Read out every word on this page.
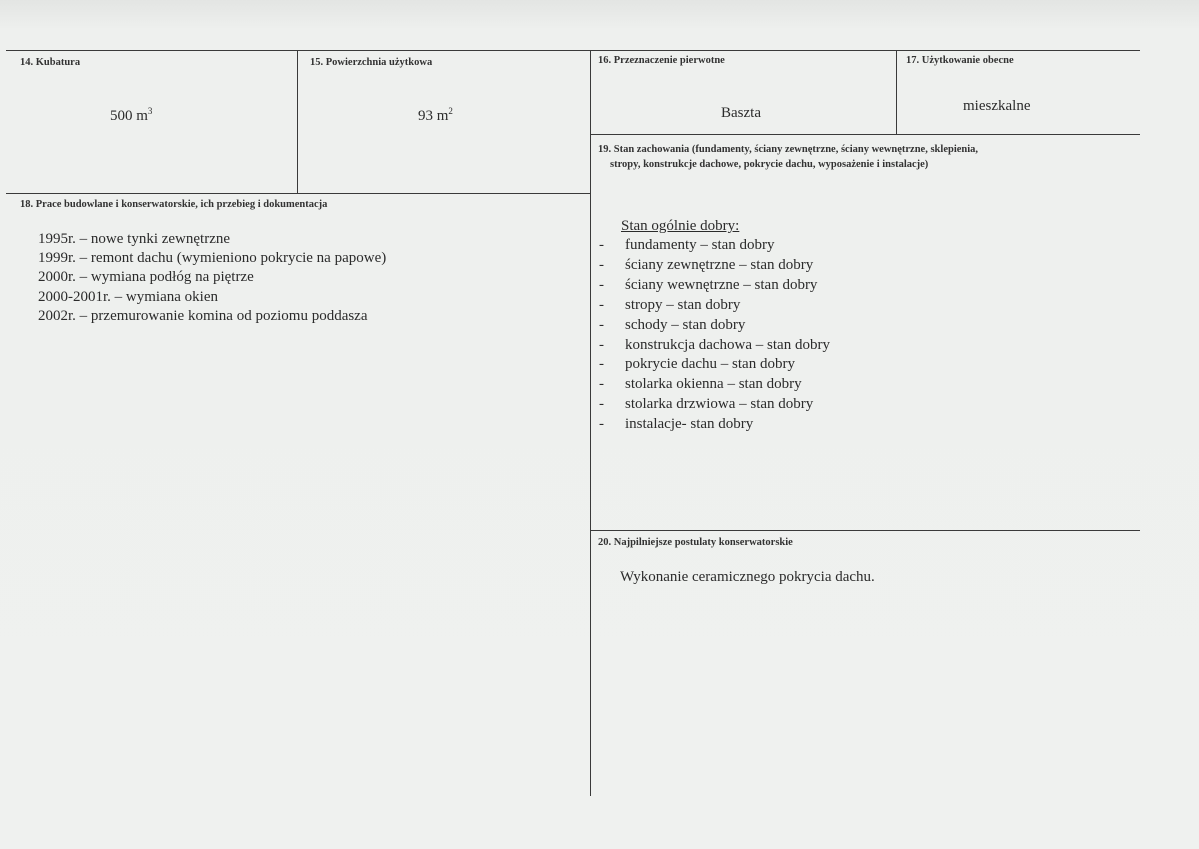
14. Kubatura
500 $m^3$
15. Powierzchnia użytkowa
93 $m^2$
16. Przeznaczenie pierwotne
Baszta
17. Użytkowanie obecne
mieszkalne
18. Prace budowlane i konserwatorskie, ich przebieg i dokumentacja
1995r. – nowe tynki zewnętrzne
1999r. – remont dachu (wymieniono pokrycie na papowe)
2000r. – wymiana podłóg na piętrze
2000-2001r. – wymiana okien
2002r. – przemurowanie komina od poziomu poddasza
19. Stan zachowania (fundamenty, ściany zewnętrzne, ściany wewnętrzne, sklepienia,
stropy, konstrukcje dachowe, pokrycie dachu, wyposażenie i instalacje)
Stan ogólnie dobry:
- fundamenty – stan dobry
- ściany zewnętrzne – stan dobry
- ściany wewnętrzne – stan dobry
- stropy – stan dobry
- schody – stan dobry
- konstrukcja dachowa – stan dobry
- pokrycie dachu – stan dobry
- stolarka okienna – stan dobry
- stolarka drzwiowa – stan dobry
- instalacje- stan dobry
20. Najpilniejsze postulaty konserwatorskie
Wykonanie ceramicznego pokrycia dachu.
